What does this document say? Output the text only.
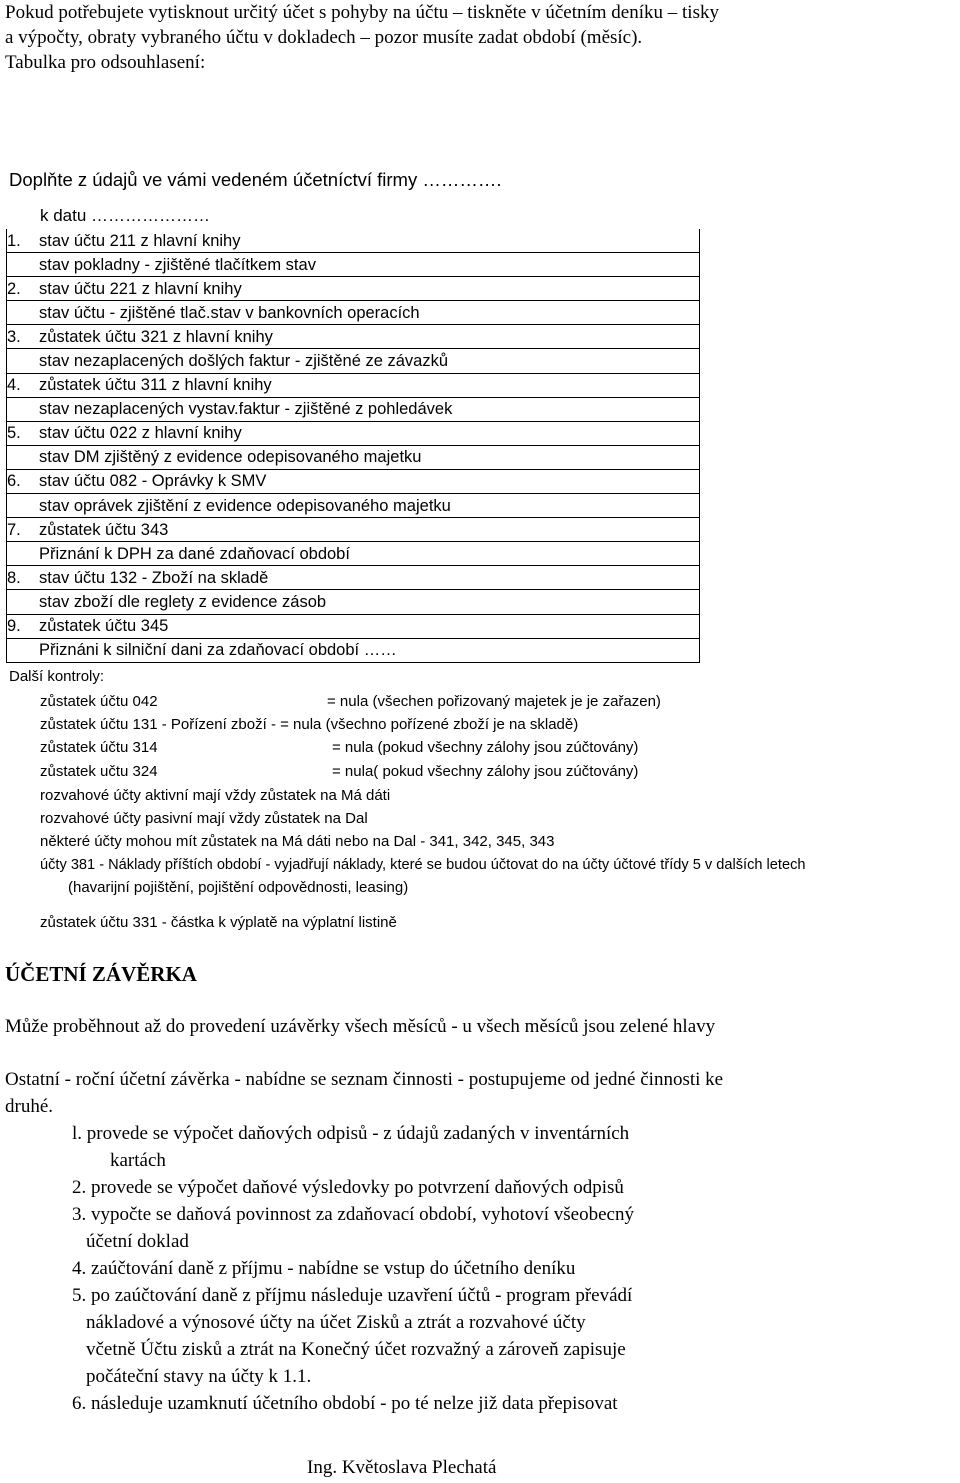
Pokud potřebujete vytisknout určitý účet s pohyby na účtu – tiskněte v účetním deníku – tisky
a výpočty, obraty vybraného účtu v dokladech – pozor musíte zadat období (měsíc).
Tabulka pro odsouhlasení:
Doplňte z údajů ve vámi vedeném účetníctví firmy ………….
k datu …………………
1.	stav účtu 211 z hlavní knihy
	stav pokladny - zjištěné tlačítkem stav
2.	stav účtu 221 z hlavní knihy
	stav účtu - zjištěné tlač.stav v bankovních operacích
3.	zůstatek účtu 321 z hlavní knihy
	stav nezaplacených došlých faktur - zjištěné ze závazků
4.	zůstatek účtu 311 z hlavní knihy
	stav nezaplacených vystav.faktur - zjištěné z pohledávek
5.	stav účtu 022 z hlavní knihy
	stav DM zjištěný z evidence odepisovaného majetku
6.	stav účtu 082 - Oprávky k SMV
	stav oprávek zjištění z evidence odepisovaného majetku
7.	zůstatek účtu 343
	Přiznání k DPH za dané zdaňovací období
8.	stav účtu 132 - Zboží na skladě
	stav zboží dle reglety z evidence zásob
9.	zůstatek účtu 345
	Přiznáni k silniční dani za zdaňovací období ……
Další kontroly:
zůstatek účtu 042	= nula (všechen pořizovaný majetek je je zařazen)
zůstatek účtu 131 - Pořízení zboží - = nula (všechno pořízené zboží je na skladě)
zůstatek účtu 314	= nula (pokud všechny zálohy jsou zúčtovány)
zůstatek učtu 324	= nula( pokud všechny zálohy jsou zúčtovány)
rozvahové účty aktivní mají vždy zůstatek na Má dáti
rozvahové účty pasivní mají vždy zůstatek na Dal
některé účty mohou mít zůstatek na Má dáti nebo na Dal - 341, 342, 345, 343
účty 381 - Náklady příštích období - vyjadřují náklady, které se budou účtovat do na účty účtové třídy 5 v dalších letech
(havarijní pojištění, pojištění odpovědnosti, leasing)
zůstatek účtu 331 - částka k výplatě na výplatní listině
ÚČETNÍ ZÁVĚRKA
Může proběhnout až do provedení uzávěrky všech měsíců - u všech měsíců jsou zelené hlavy
Ostatní - roční účetní závěrka - nabídne se seznam činnosti - postupujeme od jedné činnosti ke
druhé.
l. provede se výpočet daňových odpisů - z údajů zadaných v inventárních
kartách
2. provede se výpočet daňové výsledovky po potvrzení daňových odpisů
3. vypočte se daňová povinnost za zdaňovací období, vyhotoví všeobecný
účetní doklad
4. zaúčtování daně z příjmu - nabídne se vstup do účetního deníku
5. po zaúčtování daně z příjmu následuje uzavření účtů - program převádí
nákladové a výnosové účty na účet Zisků a ztrát a rozvahové účty
včetně Účtu zisků a ztrát na Konečný účet rozvažný a zároveň zapisuje
počáteční stavy na účty k 1.1.
6. následuje uzamknutí účetního období - po té nelze již data přepisovat
Ing. Květoslava Plechatá
